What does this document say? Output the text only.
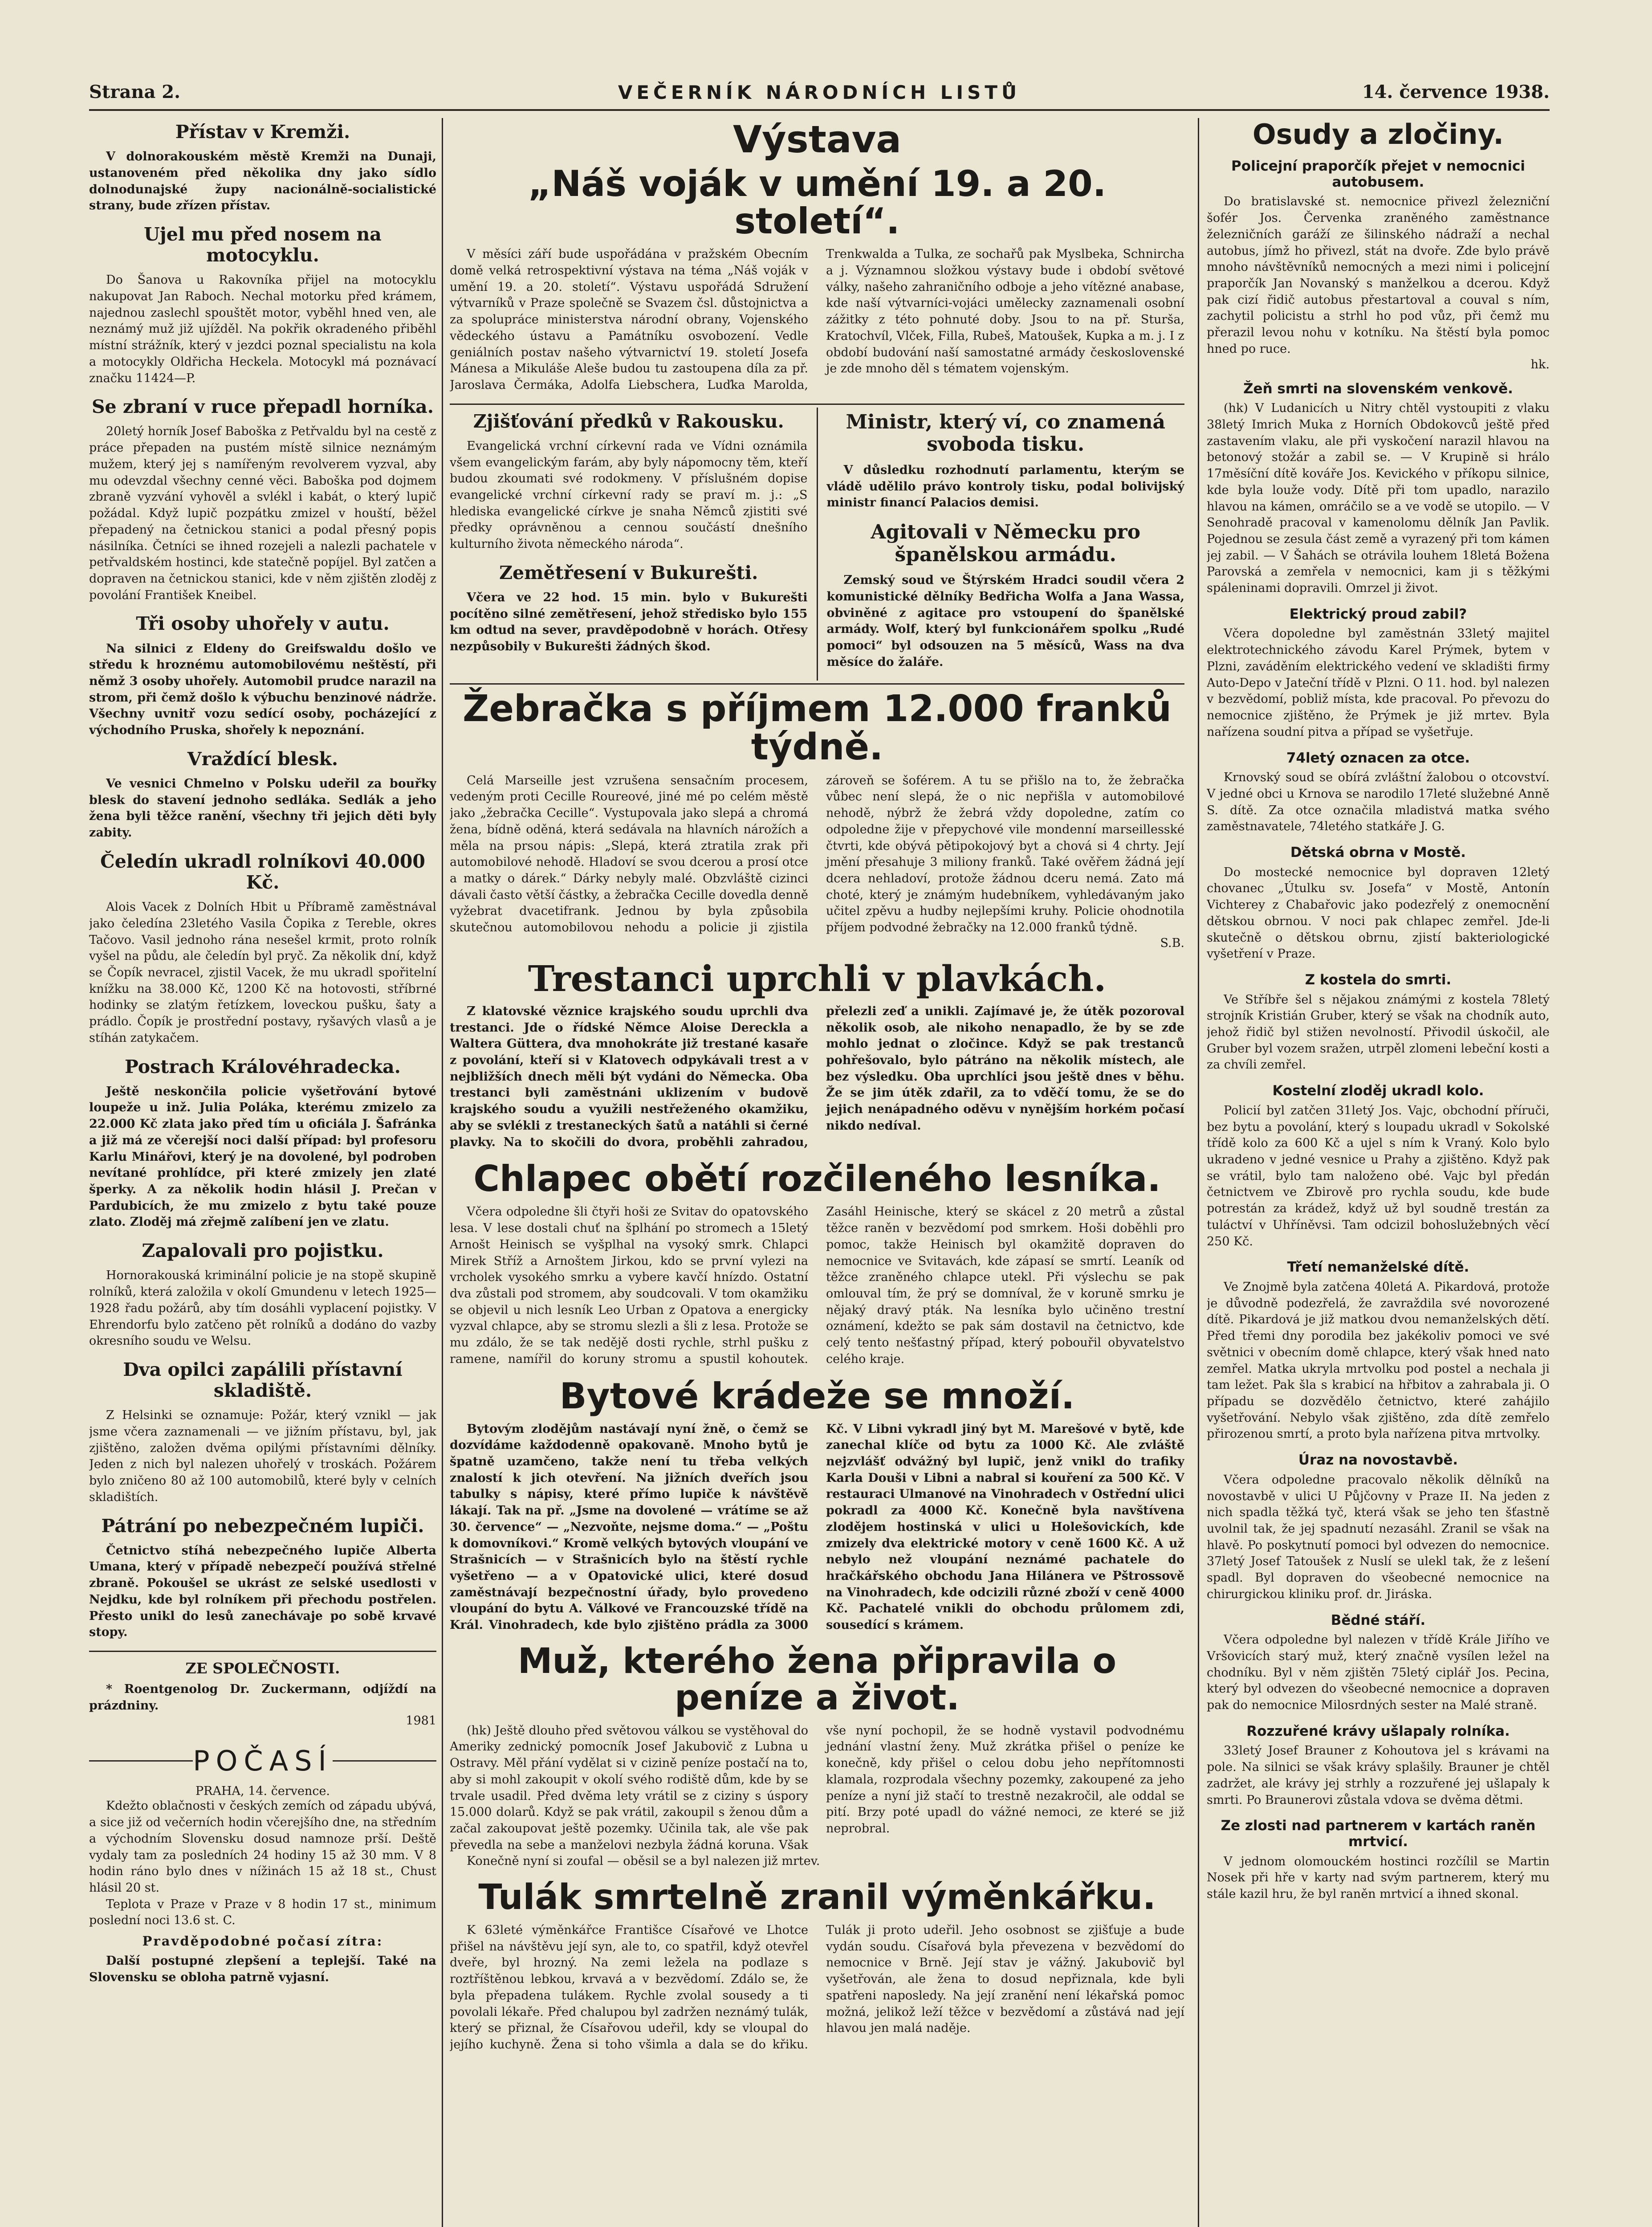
Strana 2.	VEČERNÍK NÁRODNÍCH LISTŮ	14. července 1938.
Přístav v Kremži.

V dolnorakouském městě Kremži na Dunaji, ustanoveném před několika dny jako sídlo dolnodunajské župy nacionálně-socialistické strany, bude zřízen přístav.

Ujel mu před nosem na motocyklu.

Do Šanova u Rakovníka přijel na motocyklu nakupovat Jan Raboch. Nechal motorku před krámem, najednou zaslechl spouštět motor, vyběhl hned ven, ale neznámý muž již ujížděl. Na pokřik okradeného přiběhl místní strážník, který v jezdci poznal specialistu na kola a motocykly Oldřicha Heckela. Motocykl má poznávací značku 11424—P.

Se zbraní v ruce přepadl horníka.

20letý horník Josef Baboška z Petřvaldu byl na cestě z práce přepaden na pustém místě silnice neznámým mužem, který jej s namířeným revolverem vyzval, aby mu odevzdal všechny cenné věci. Baboška pod dojmem zbraně vyzvání vyhověl a svlékl i kabát, o který lupič požádal. Když lupič pozpátku zmizel v houští, běžel přepadený na četnickou stanici a podal přesný popis násilníka. Četníci se ihned rozejeli a nalezli pachatele v petřvaldském hostinci, kde statečně popíjel. Byl zatčen a dopraven na četnickou stanici, kde v něm zjištěn zloděj z povolání František Kneibel.

Tři osoby uhořely v autu.

Na silnici z Eldeny do Greifswaldu došlo ve středu k hroznému automobilovému neštěstí, při němž 3 osoby uhořely. Automobil prudce narazil na strom, při čemž došlo k výbuchu benzinové nádrže. Všechny uvnitř vozu sedící osoby, pocházející z východního Pruska, shořely k nepoznání.

Vraždící blesk.

Ve vesnici Chmelno v Polsku udeřil za bouřky blesk do stavení jednoho sedláka. Sedlák a jeho žena byli těžce ranění, všechny tři jejich děti byly zabity.

Čeledín ukradl rolníkovi 40.000 Kč.

Alois Vacek z Dolních Hbit u Příbramě zaměstnával jako čeledína 23letého Vasila Čopika z Tereble, okres Tačovo. Vasil jednoho rána nesešel krmit, proto rolník vyšel na půdu, ale čeledín byl pryč. Za několik dní, když se Čopík nevracel, zjistil Vacek, že mu ukradl spořitelní knížku na 38.000 Kč, 1200 Kč na hotovosti, stříbrné hodinky se zlatým řetízkem, loveckou pušku, šaty a prádlo. Čopík je prostřední postavy, ryšavých vlasů a je stíhán zatykačem.

Postrach Královéhradecka.

Ještě neskončila policie vyšetřování bytové loupeže u inž. Julia Poláka, kterému zmizelo za 22.000 Kč zlata jako před tím u oficiála J. Šafránka a již má ze včerejší noci další případ: byl profesoru Karlu Minářovi, který je na dovolené, byl podroben nevítané prohlídce, při které zmizely jen zlaté šperky. A za několik hodin hlásil J. Prečan v Pardubicích, že mu zmizelo z bytu také pouze zlato. Zloděj má zřejmě zalíbení jen ve zlatu.

Zapalovali pro pojistku.

Hornorakouská kriminální policie je na stopě skupině rolníků, která založila v okolí Gmundenu v letech 1925—1928 řadu požárů, aby tím dosáhli vyplacení pojistky. V Ehrendorfu bylo zatčeno pět rolníků a dodáno do vazby okresního soudu ve Welsu.

Dva opilci zapálili přístavní skladiště.

Z Helsinki se oznamuje: Požár, který vznikl — jak jsme včera zaznamenali — ve jižním přístavu, byl, jak zjištěno, založen dvěma opilými přístavními dělníky. Jeden z nich byl nalezen uhořelý v troskách. Požárem bylo zničeno 80 až 100 automobilů, které byly v celních skladištích.

Pátrání po nebezpečném lupiči.

Četnictvo stíhá nebezpečného lupiče Alberta Umana, který v případě nebezpečí používá střelné zbraně. Pokoušel se ukrást ze selské usedlosti v Nejdku, kde byl rolníkem při přechodu postřelen. Přesto unikl do lesů zanechávaje po sobě krvavé stopy.

ZE SPOLEČNOSTI.

* Roentgenolog Dr. Zuckermann, odjíždí na prázdniny.

1981
POČASÍ
PRAHA, 14. července.

Kdežto oblačnosti v českých zemích od západu ubývá, a sice již od večerních hodin včerejšího dne, na středním a východním Slovensku dosud namnoze prší. Deště vydaly tam za posledních 24 hodiny 15 až 30 mm. V 8 hodin ráno bylo dnes v nížinách 15 až 18 st., Chust hlásil 20 st.

Teplota v Praze v Praze v 8 hodin 17 st., minimum poslední noci 13.6 st. C.

Pravděpodobné počasí zítra:

Další postupné zlepšení a teplejší. Také na Slovensku se obloha patrně vyjasní.

Výstava
„Náš voják v umění 19. a 20. století“.

V měsíci září bude uspořádána v pražském Obecním domě velká retrospektivní výstava na téma „Náš voják v umění 19. a 20. století“. Výstavu uspořádá Sdružení výtvarníků v Praze společně se Svazem čsl. důstojnictva a za spolupráce ministerstva národní obrany, Vojenského vědeckého ústavu a Památníku osvobození. Vedle geniálních postav našeho výtvarnictví 19. století Josefa Mánesa a Mikuláše Aleše budou tu zastoupena díla za př. Jaroslava Čermáka, Adolfa Liebschera, Luďka Marolda, Trenkwalda a Tulka, ze sochařů pak Myslbeka, Schnircha a j. Významnou složkou výstavy bude i období světové války, našeho zahraničního odboje a jeho vítězné anabase, kde naší výtvarníci-vojáci umělecky zaznamenali osobní zážitky z této pohnuté doby. Jsou to na př. Sturša, Kratochvíl, Vlček, Filla, Rubeš, Matoušek, Kupka a m. j. I z období budování naší samostatné armády československé je zde mnoho děl s tématem vojenským.

Zjišťování předků v Rakousku.

Evangelická vrchní církevní rada ve Vídni oznámila všem evangelickým farám, aby byly nápomocny těm, kteří budou zkoumati své rodokmeny. V příslušném dopise evangelické vrchní církevní rady se praví m. j.: „S hlediska evangelické církve je snaha Němců zjistiti své předky oprávněnou a cennou součástí dnešního kulturního života německého národa“.

Zemětřesení v Bukurešti.

Včera ve 22 hod. 15 min. bylo v Bukurešti pocítěno silné zemětřesení, jehož středisko bylo 155 km odtud na sever, pravděpodobně v horách. Otřesy nezpůsobily v Bukurešti žádných škod.

Ministr, který ví, co znamená svoboda tisku.

V důsledku rozhodnutí parlamentu, kterým se vládě udělilo právo kontroly tisku, podal bolivijský ministr financí Palacios demisi.

Agitovali v Německu pro španělskou armádu.

Zemský soud ve Štýrském Hradci soudil včera 2 komunistické dělníky Bedřicha Wolfa a Jana Wassa, obviněné z agitace pro vstoupení do španělské armády. Wolf, který byl funkcionářem spolku „Rudé pomoci“ byl odsouzen na 5 měsíců, Wass na dva měsíce do žaláře.

Žebračka s příjmem 12.000 franků týdně.

Celá Marseille jest vzrušena sensačním procesem, vedeným proti Cecille Roureové, jiné mé po celém městě jako „žebračka Cecille“. Vystupovala jako slepá a chromá žena, bídně oděná, která sedávala na hlavních nárožích a měla na prsou nápis: „Slepá, která ztratila zrak při automobilové nehodě. Hladoví se svou dcerou a prosí otce a matky o dárek.“ Dárky nebyly malé. Obzvláště cizinci dávali často větší částky, a žebračka Cecille dovedla denně vyžebrat dvacetifrank. Jednou by byla způsobila skutečnou automobilovou nehodu a policie ji zjistila zároveň se šoférem. A tu se přišlo na to, že žebračka vůbec není slepá, že o nic nepřišla v automobilové nehodě, nýbrž že žebrá vždy dopoledne, zatím co odpoledne žije v přepychové vile mondenní marseillesské čtvrti, kde obývá pětipokojový byt a chová si 4 chrty. Její jmění přesahuje 3 miliony franků. Také ověřem žádná její dcera nehladoví, protože žádnou dceru nemá. Zato má choté, který je známým hudebníkem, vyhledávaným jako učitel zpěvu a hudby nejlepšími kruhy. Policie ohodnotila příjem podvodné žebračky na 12.000 franků týdně.

S.B.
Trestanci uprchli v plavkách.

Z klatovské věznice krajského soudu uprchli dva trestanci. Jde o řídské Němce Aloise Dereckla a Waltera Güttera, dva mnohokráte již trestané kasaře z povolání, kteří si v Klatovech odpykávali trest a v nejbližších dnech měli být vydáni do Německa. Oba trestanci byli zaměstnáni uklizením v budově krajského soudu a využili nestřeženého okamžiku, aby se svlékli z trestaneckých šatů a natáhli si černé plavky. Na to skočili do dvora, proběhli zahradou, přelezli zeď a unikli. Zajímavé je, že útěk pozoroval několik osob, ale nikoho nenapadlo, že by se zde mohlo jednat o zločince. Když se pak trestanců pohřešovalo, bylo pátráno na několik místech, ale bez výsledku. Oba uprchlíci jsou ještě dnes v běhu. Že se jim útěk zdařil, za to vděčí tomu, že se do jejich nenápadného oděvu v nynějším horkém počasí nikdo nedíval.

Chlapec obětí rozčileného lesníka.

Včera odpoledne šli čtyři hoši ze Svitav do opatovského lesa. V lese dostali chuť na šplhání po stromech a 15letý Arnošt Heinisch se vyšplhal na vysoký smrk. Chlapci Mirek Stříž a Arnoštem Jirkou, kdo se první vylezi na vrcholek vysokého smrku a vybere kavčí hnízdo. Ostatní dva zůstali pod stromem, aby soudcovali. V tom okamžiku se objevil u nich lesník Leo Urban z Opatova a energicky vyzval chlapce, aby se stromu slezli a šli z lesa. Protože se mu zdálo, že se tak nedějě dosti rychle, strhl pušku z ramene, namířil do koruny stromu a spustil kohoutek. Zasáhl Heinische, který se skácel z 20 metrů a zůstal těžce raněn v bezvědomí pod smrkem. Hoši doběhli pro pomoc, takže Heinisch byl okamžitě dopraven do nemocnice ve Svitavách, kde zápasí se smrtí. Leaník od těžce zraněného chlapce utekl. Při výslechu se pak omlouval tím, že prý se domníval, že v koruně smrku je nějaký dravý pták. Na lesníka bylo učiněno trestní oznámení, kdežto se pak sám dostavil na četnictvo, kde celý tento nešťastný případ, který pobouřil obyvatelstvo celého kraje.

Bytové krádeže se množí.

Bytovým zlodějům nastávají nyní žně, o čemž se dozvídáme každodenně opakovaně. Mnoho bytů je špatně uzamčeno, takže není tu třeba velkých znalostí k jich otevření. Na jižních dveřích jsou tabulky s nápisy, které přímo lupiče k návštěvě lákají. Tak na př. „Jsme na dovolené — vrátíme se až 30. července“ — „Nezvoňte, nejsme doma.“ — „Poštu k domovníkovi.“ Kromě velkých bytových vloupání ve Strašnicích — v Strašnicích bylo na štěstí rychle vyšetřeno — a v Opatovické ulici, které dosud zaměstnávají bezpečnostní úřady, bylo provedeno vloupání do bytu A. Válkové ve Francouzské třídě na Král. Vinohradech, kde bylo zjištěno prádla za 3000 Kč. V Libni vykradl jiný byt M. Marešové v bytě, kde zanechal klíče od bytu za 1000 Kč. Ale zvláště nejzvlášť odvážný byl lupič, jenž vnikl do trafiky Karla Douši v Libni a nabral si kouření za 500 Kč. V restauraci Ulmanové na Vinohradech v Ostřední ulici pokradl za 4000 Kč. Konečně byla navštívena zlodějem hostinská v ulici u Holešovickích, kde zmizely dva elektrické motory v ceně 1600 Kč. A už nebylo než vloupání neznámé pachatele do hračkářského obchodu Jana Hilánera ve Pštrossově na Vinohradech, kde odcizili různé zboží v ceně 4000 Kč. Pachatelé vnikli do obchodu průlomem zdi, sousedící s krámem.

Muž, kterého žena připravila o peníze a život.

(hk) Ještě dlouho před světovou válkou se vystěhoval do Ameriky zednický pomocník Josef Jakubovič z Lubna u Ostravy. Měl přání vydělat si v cizině peníze postačí na to, aby si mohl zakoupit v okolí svého rodiště dům, kde by se trvale usadil. Před dvěma lety vrátil se z ciziny s úspory 15.000 dolarů. Když se pak vrátil, zakoupil s ženou dům a začal zakoupovat ještě pozemky. Učinila tak, ale vše pak převedla na sebe a manželovi nezbyla žádná koruna. Však vše nyní pochopil, že se hodně vystavil podvodnému jednání vlastní ženy. Muž zkrátka přišel o peníze ke konečně, kdy přišel o celou dobu jeho nepřítomnosti klamala, rozprodala všechny pozemky, zakoupené za jeho peníze a nyní již stačí to trestně nezakročil, ale oddal se pití. Brzy poté upadl do vážné nemoci, ze které se již neprobral.

Konečně nyní si zoufal — oběsil se a byl nalezen již mrtev.

Tulák smrtelně zranil výměnkářku.

K 63leté výměnkářce Františce Císařové ve Lhotce přišel na návštěvu její syn, ale to, co spatřil, když otevřel dveře, byl hrozný. Na zemi ležela na podlaze s roztříštěnou lebkou, krvavá a v bezvědomí. Zdálo se, že byla přepadena tulákem. Rychle zvolal sousedy a ti povolali lékaře. Před chalupou byl zadržen neznámý tulák, který se přiznal, že Císařovou udeřil, kdy se vloupal do jejího kuchyně. Žena si toho všimla a dala se do křiku. Tulák ji proto udeřil. Jeho osobnost se zjišťuje a bude vydán soudu. Císařová byla převezena v bezvědomí do nemocnice v Brně. Její stav je vážný. Jakubovič byl vyšetřován, ale žena to dosud nepřiznala, kde byli spatřeni naposledy. Na její zranění není lékařská pomoc možná, jelikož leží těžce v bezvědomí a zůstává nad její hlavou jen malá naděje.

Osudy a zločiny.
Policejní praporčík přejet v nemocnici autobusem.

Do bratislavské st. nemocnice přivezl železniční šofér Jos. Červenka zraněného zaměstnance železničních garáží ze šilinského nádraží a nechal autobus, jímž ho přivezl, stát na dvoře. Zde bylo právě mnoho návštěvníků nemocných a mezi nimi i policejní praporčík Jan Novanský s manželkou a dcerou. Když pak cizí řidič autobus přestartoval a couval s ním, zachytil policistu a strhl ho pod vůz, při čemž mu přerazil levou nohu v kotníku. Na štěstí byla pomoc hned po ruce.

hk.
Žeň smrti na slovenském venkově.

(hk) V Ludanicích u Nitry chtěl vystoupiti z vlaku 38letý Imrich Muka z Horních Obdokovců ještě před zastavením vlaku, ale při vyskočení narazil hlavou na betonový stožár a zabil se. — V Krupině si hrálo 17měsíční dítě kováře Jos. Kevického v příkopu silnice, kde byla louže vody. Dítě při tom upadlo, narazilo hlavou na kámen, omráčilo se a ve vodě se utopilo. — V Senohradě pracoval v kamenolomu dělník Jan Pavlik. Pojednou se zesula část země a vyrazený při tom kámen jej zabil. — V Šahách se otrávila louhem 18letá Božena Parovská a zemřela v nemocnici, kam ji s těžkými spáleninami dopravili. Omrzel ji život.

Elektrický proud zabil?

Včera dopoledne byl zaměstnán 33letý majitel elektrotechnického závodu Karel Prýmek, bytem v Plzni, zaváděním elektrického vedení ve skladišti firmy Auto-Depo v Jateční třídě v Plzni. O 11. hod. byl nalezen v bezvědomí, pobliž místa, kde pracoval. Po převozu do nemocnice zjištěno, že Prýmek je již mrtev. Byla nařízena soudní pitva a případ se vyšetřuje.

74letý oznacen za otce.

Krnovský soud se obírá zvláštní žalobou o otcovství. V jedné obci u Krnova se narodilo 17leté služebné Anně S. dítě. Za otce označila mladistvá matka svého zaměstnavatele, 74letého statkáře J. G.

Dětská obrna v Mostě.

Do mostecké nemocnice byl dopraven 12letý chovanec „Útulku sv. Josefa“ v Mostě, Antonín Vichterey z Chabařovic jako podezřelý z onemocnění dětskou obrnou. V noci pak chlapec zemřel. Jde-li skutečně o dětskou obrnu, zjistí bakteriologické vyšetření v Praze.

Z kostela do smrti.

Ve Stříbře šel s nějakou známými z kostela 78letý strojník Kristián Gruber, který se však na chodník auto, jehož řidič byl stižen nevolností. Přivodil úskočil, ale Gruber byl vozem sražen, utrpěl zlomeni lebeční kosti a za chvíli zemřel.

Kostelní zloděj ukradl kolo.

Policií byl zatčen 31letý Jos. Vajc, obchodní příruči, bez bytu a povolání, který s loupadu ukradl v Sokolské třídě kolo za 600 Kč a ujel s ním k Vraný. Kolo bylo ukradeno v jedné vesnice u Prahy a zjištěno. Když pak se vrátil, bylo tam naloženo obé. Vajc byl předán četnictvem ve Zbirově pro rychla soudu, kde bude potrestán za krádež, když už byl soudně trestán za tuláctví v Uhříněvsi. Tam odcizil bohoslužebných věcí 250 Kč.

Třetí nemanželské dítě.

Ve Znojmě byla zatčena 40letá A. Pikardová, protože je důvodně podezřelá, že zavraždila své novorozené dítě. Pikardová je již matkou dvou nemanželských dětí. Před třemi dny porodila bez jakékoliv pomoci ve své světnici v obecním domě chlapce, který však hned nato zemřel. Matka ukryla mrtvolku pod postel a nechala ji tam ležet. Pak šla s krabicí na hřbitov a zahrabala ji. O případu se dozvědělo četnictvo, které zahájilo vyšetřování. Nebylo však zjištěno, zda dítě zemřelo přirozenou smrtí, a proto byla nařízena pitva mrtvolky.

Úraz na novostavbě.

Včera odpoledne pracovalo několik dělníků na novostavbě v ulici U Půjčovny v Praze II. Na jeden z nich spadla těžká tyč, která však se jeho ten šťastně uvolnil tak, že jej spadnutí nezasáhl. Zranil se však na hlavě. Po poskytnutí pomoci byl odvezen do nemocnice. 37letý Josef Tatoušek z Nuslí se ulekl tak, že z lešení spadl. Byl dopraven do všeobecné nemocnice na chirurgickou kliniku prof. dr. Jiráska.

Bědné stáří.

Včera odpoledne byl nalezen v třídě Krále Jiřího ve Vršovicích starý muž, který značně vysílen ležel na chodníku. Byl v něm zjištěn 75letý ciplář Jos. Pecina, který byl odvezen do všeobecné nemocnice a dopraven pak do nemocnice Milosrdných sester na Malé straně.

Rozzuřené krávy ušlapaly rolníka.

33letý Josef Brauner z Kohoutova jel s krávami na pole. Na silnici se však krávy splašily. Brauner je chtěl zadržet, ale krávy jej strhly a rozzuřené jej ušlapaly k smrti. Po Braunerovi zůstala vdova se dvěma dětmi.

Ze zlosti nad partnerem v kartách raněn mrtvicí.

V jednom olomouckém hostinci rozčílil se Martin Nosek při hře v karty nad svým partnerem, který mu stále kazil hru, že byl raněn mrtvicí a ihned skonal.
